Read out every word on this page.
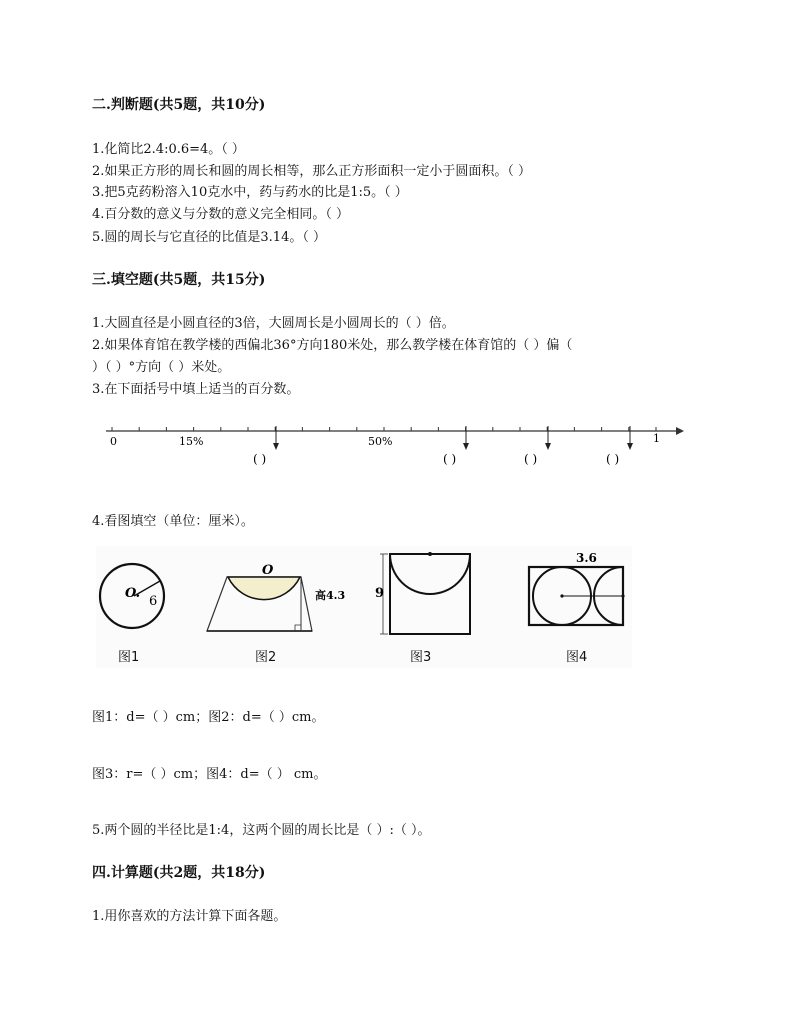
二.判断题(共5题，共10分)
1.化简比2.4:0.6=4。（ ）
2.如果正方形的周长和圆的周长相等，那么正方形面积一定小于圆面积。（ ）
3.把5克药粉溶入10克水中，药与药水的比是1:5。（ ）
4.百分数的意义与分数的意义完全相同。（ ）
5.圆的周长与它直径的比值是3.14。（ ）
三.填空题(共5题，共15分)
1.大圆直径是小圆直径的3倍，大圆周长是小圆周长的（ ）倍。
2.如果体育馆在教学楼的西偏北36°方向180米处，那么教学楼在体育馆的（ ）偏（
）（ ）°方向（ ）米处。
3.在下面括号中填上适当的百分数。
0	15%	50%	1
( )	( )	( )	( )
4.看图填空（单位：厘米）。
O.
6
O
高4.3 9
3.6
图1	图2	图3	图4
图1：d=（ ）cm；图2：d=（ ）cm。
图3：r=（ ）cm；图4：d=（ ） cm。
5.两个圆的半径比是1:4，这两个圆的周长比是（ ）:（ ）。
四.计算题(共2题，共18分)
1.用你喜欢的方法计算下面各题。
